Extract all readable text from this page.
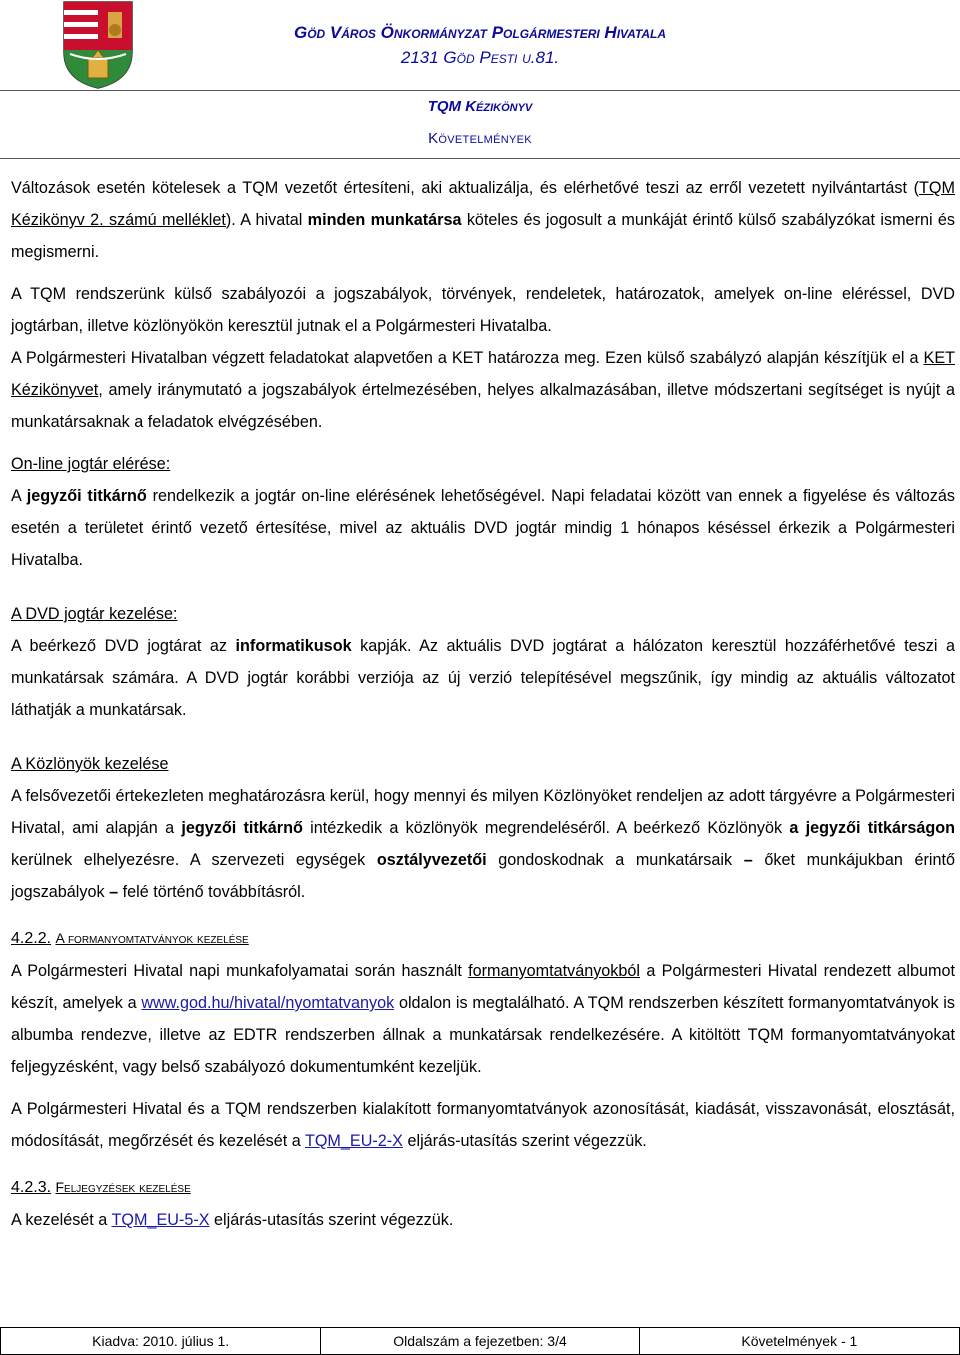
Göd Város Önkormányzat Polgármesteri Hivatala
2131 Göd Pesti u.81.
TQM Kézikönyv
Követelmények

Változások esetén kötelesek a TQM vezetőt értesíteni, aki aktualizálja, és elérhetővé teszi az erről vezetett nyilvántartást (TQM Kézikönyv 2. számú melléklet). A hivatal minden munkatársa köteles és jogosult a munkáját érintő külső szabályzókat ismerni és megismerni.

A TQM rendszerünk külső szabályozói a jogszabályok, törvények, rendeletek, határozatok, amelyek on-line eléréssel, DVD jogtárban, illetve közlönyökön keresztül jutnak el a Polgármesteri Hivatalba.

A Polgármesteri Hivatalban végzett feladatokat alapvetően a KET határozza meg. Ezen külső szabályzó alapján készítjük el a KET Kézikönyvet, amely iránymutató a jogszabályok értelmezésében, helyes alkalmazásában, illetve módszertani segítséget is nyújt a munkatársaknak a feladatok elvégzésében.

On-line jogtár elérése:

A jegyzői titkárnő rendelkezik a jogtár on-line elérésének lehetőségével. Napi feladatai között van ennek a figyelése és változás esetén a területet érintő vezető értesítése, mivel az aktuális DVD jogtár mindig 1 hónapos késéssel érkezik a Polgármesteri Hivatalba.

A DVD jogtár kezelése:

A beérkező DVD jogtárat az informatikusok kapják. Az aktuális DVD jogtárat a hálózaton keresztül hozzáférhetővé teszi a munkatársak számára. A DVD jogtár korábbi verziója az új verzió telepítésével megszűnik, így mindig az aktuális változatot láthatják a munkatársak.

A Közlönyök kezelése

A felsővezetői értekezleten meghatározásra kerül, hogy mennyi és milyen Közlönyöket rendeljen az adott tárgyévre a Polgármesteri Hivatal, ami alapján a jegyzői titkárnő intézkedik a közlönyök megrendeléséről. A beérkező Közlönyök a jegyzői titkárságon kerülnek elhelyezésre. A szervezeti egységek osztályvezetői gondoskodnak a munkatársaik – őket munkájukban érintő jogszabályok – felé történő továbbításról.

4.2.2. A formanyomtatványok kezelése

A Polgármesteri Hivatal napi munkafolyamatai során használt formanyomtatványokból a Polgármesteri Hivatal rendezett albumot készít, amelyek a www.god.hu/hivatal/nyomtatvanyok oldalon is megtalálható. A TQM rendszerben készített formanyomtatványok is albumba rendezve, illetve az EDTR rendszerben állnak a munkatársak rendelkezésére. A kitöltött TQM formanyomtatványokat feljegyzésként, vagy belső szabályozó dokumentumként kezeljük.

A Polgármesteri Hivatal és a TQM rendszerben kialakított formanyomtatványok azonosítását, kiadását, visszavonását, elosztását, módosítását, megőrzését és kezelését a TQM_EU-2-X eljárás-utasítás szerint végezzük.

4.2.3. Feljegyzések kezelése

A kezelését a TQM_EU-5-X eljárás-utasítás szerint végezzük.

Kiadva: 2010. július 1.	Oldalszám a fejezetben: 3/4	Követelmények - 1
